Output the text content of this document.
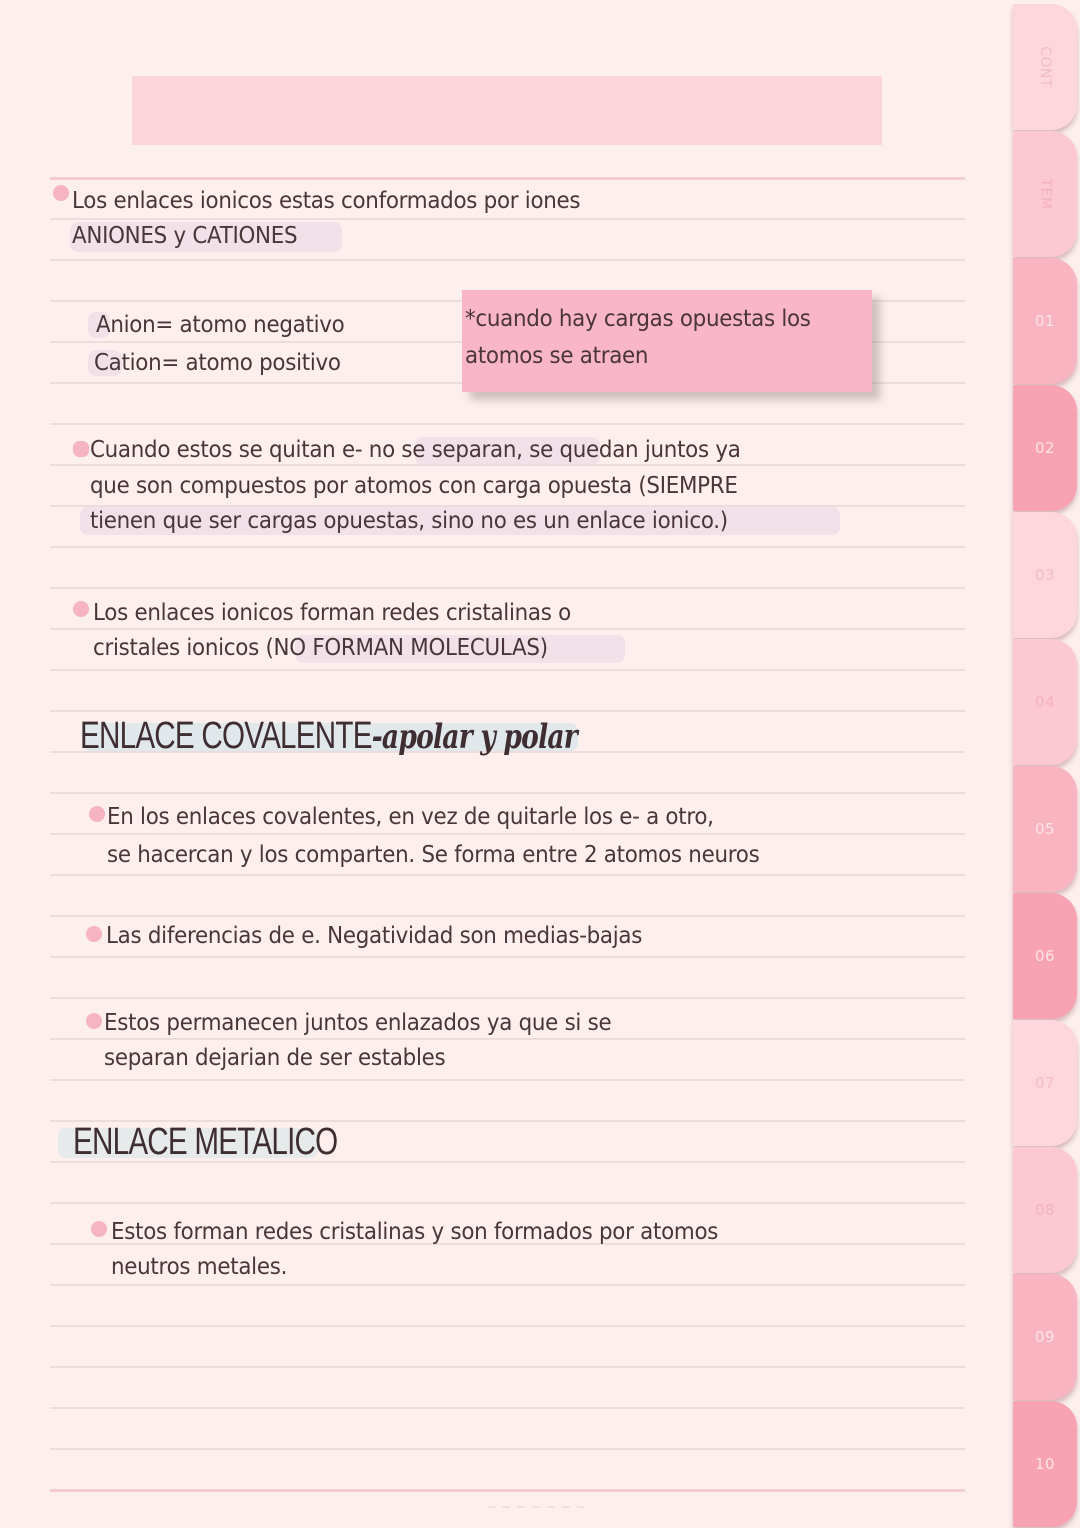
Los enlaces ionicos estas conformados por iones
ANIONES y CATIONES
Anion= atomo negativo
Cation= atomo positivo
*cuando hay cargas opuestas los
atomos se atraen
Cuando estos se quitan e- no se separan, se quedan juntos ya
que son compuestos por atomos con carga opuesta (SIEMPRE
tienen que ser cargas opuestas, sino no es un enlace ionico.)
Los enlaces ionicos forman redes cristalinas o
cristales ionicos (NO FORMAN MOLECULAS)
ENLACE COVALENTE-apolar y polar
En los enlaces covalentes, en vez de quitarle los e- a otro,
se hacercan y los comparten. Se forma entre 2 atomos neuros
Las diferencias de e. Negatividad son medias-bajas
Estos permanecen juntos enlazados ya que si se
separan dejarian de ser estables
ENLACE METALICO
Estos forman redes cristalinas y son formados por atomos
neutros metales.
~~~~~~~
CONT
TEM
01
02
03
04
05
06
07
08
09
10
